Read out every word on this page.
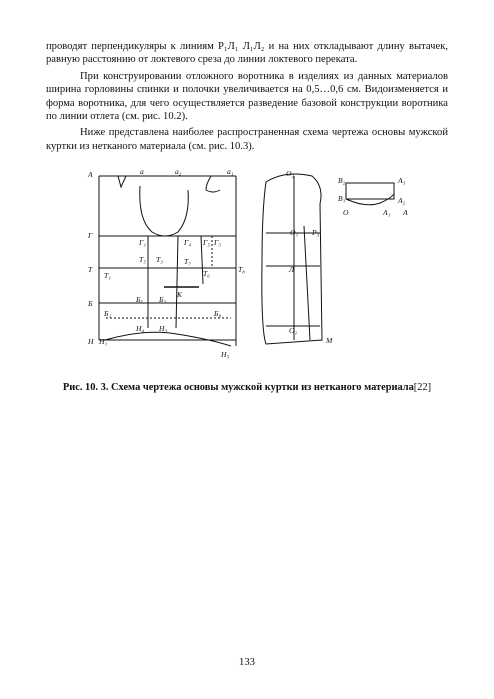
проводят перпендикуляры к линиям Р₁Л₁ Л₁Л₂ и на них откладывают длину вытачек, равную расстоянию от локтевого среза до линии локтевого переката.

При конструировании отложного воротника в изделиях из данных материалов ширина горловины спинки и полочки увеличивается на 0,5…0,6 см. Видоизменяется и форма воротника, для чего осуществляется разведение базовой конструкции воротника по линии отлета (см. рис. 10.2).

Ниже представлена наиболее распространенная схема чертежа основы мужской куртки из нетканого материала (см. рис. 10.3).

А	а	а₂	а₁
Г
Г₁	Г₄ Г₅ Г₃
Т₅ Т₃	Т₇
Т₆
Т
Т₁
Т₈
К
Б	Б₆ Б₃
Б₁	Б₈
Н Н₁
Н₄ Н₃
Н₅
О₂
О₁ Р₃
Л
О₁
М
В₂	А₃
В₁	А₂
О	А₁ А
Рис. 10. 3. Схема чертежа основы мужской куртки из нетканого материала[22]
133
